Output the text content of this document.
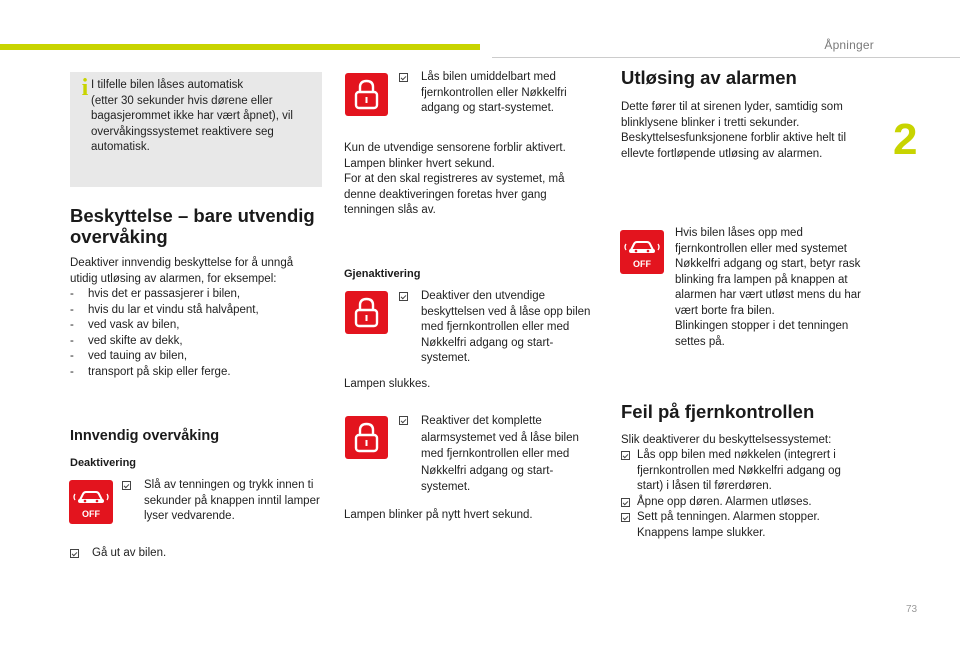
Åpninger
2
73
i I tilfelle bilen låses automatisk
(etter 30 sekunder hvis dørene eller bagasjerommet ikke har vært åpnet), vil overvåkingssystemet reaktivere seg automatisk.
Beskyttelse – bare utvendig
overvåking
Deaktiver innvendig beskyttelse for å unngå utidig utløsing av alarmen, for eksempel:
- hvis det er passasjerer i bilen,
- hvis du lar et vindu stå halvåpent,
- ved vask av bilen,
- ved skifte av dekk,
- ved tauing av bilen,
- transport på skip eller ferge.
Innvendig overvåking
Deaktivering
OFF
Slå av tenningen og trykk innen ti sekunder på knappen inntil lamper lyser vedvarende.
Gå ut av bilen.
Lås bilen umiddelbart med fjernkontrollen eller Nøkkelfri adgang og start-systemet.
Kun de utvendige sensorene forblir aktivert.
Lampen blinker hvert sekund.
For at den skal registreres av systemet, må denne deaktiveringen foretas hver gang tenningen slås av.
Gjenaktivering
Deaktiver den utvendige beskyttelsen ved å låse opp bilen med fjernkontrollen eller med Nøkkelfri adgang og start-systemet.
Lampen slukkes.
Reaktiver det komplette alarmsystemet ved å låse bilen med fjernkontrollen eller med Nøkkelfri adgang og start-systemet.
Lampen blinker på nytt hvert sekund.
Utløsing av alarmen
Dette fører til at sirenen lyder, samtidig som blinklysene blinker i tretti sekunder. Beskyttelsesfunksjonene forblir aktive helt til ellevte fortløpende utløsing av alarmen.
OFF
Hvis bilen låses opp med fjernkontrollen eller med systemet Nøkkelfri adgang og start, betyr rask blinking fra lampen på knappen at alarmen har vært utløst mens du har vært borte fra bilen.
Blinkingen stopper i det tenningen settes på.
Feil på fjernkontrollen
Slik deaktiverer du beskyttelsessystemet:
Lås opp bilen med nøkkelen (integrert i fjernkontrollen med Nøkkelfri adgang og start) i låsen til førerdøren.
Åpne opp døren. Alarmen utløses.
Sett på tenningen. Alarmen stopper. Knappens lampe slukker.
